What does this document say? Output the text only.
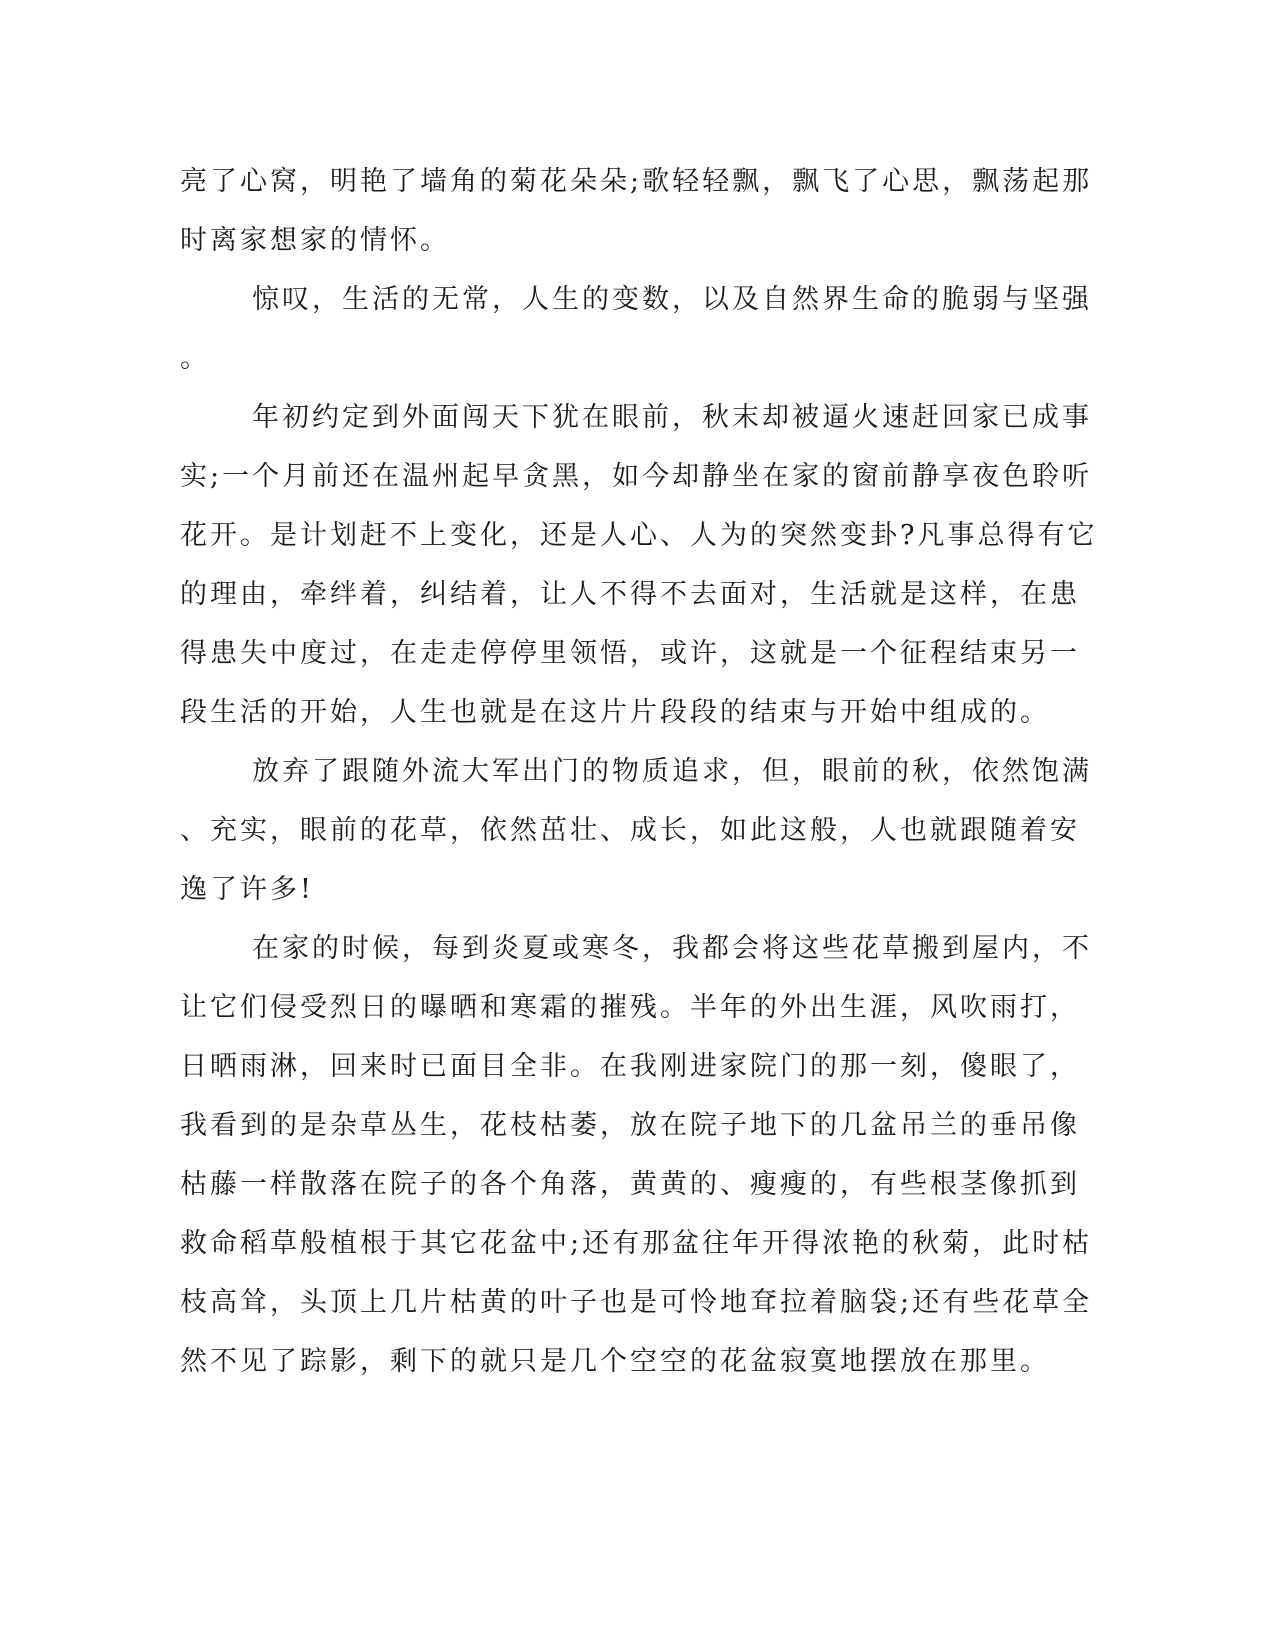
亮了心窝，明艳了墙角的菊花朵朵;歌轻轻飘，飘飞了心思，飘荡起那
时离家想家的情怀。
惊叹，生活的无常，人生的变数，以及自然界生命的脆弱与坚强
。
年初约定到外面闯天下犹在眼前，秋末却被逼火速赶回家已成事
实;一个月前还在温州起早贪黑，如今却静坐在家的窗前静享夜色聆听
花开。是计划赶不上变化，还是人心、人为的突然变卦?凡事总得有它
的理由，牵绊着，纠结着，让人不得不去面对，生活就是这样，在患
得患失中度过，在走走停停里领悟，或许，这就是一个征程结束另一
段生活的开始，人生也就是在这片片段段的结束与开始中组成的。
放弃了跟随外流大军出门的物质追求，但，眼前的秋，依然饱满
、充实，眼前的花草，依然茁壮、成长，如此这般，人也就跟随着安
逸了许多!
在家的时候，每到炎夏或寒冬，我都会将这些花草搬到屋内，不
让它们侵受烈日的曝晒和寒霜的摧残。半年的外出生涯，风吹雨打，
日晒雨淋，回来时已面目全非。在我刚进家院门的那一刻，傻眼了，
我看到的是杂草丛生，花枝枯萎，放在院子地下的几盆吊兰的垂吊像
枯藤一样散落在院子的各个角落，黄黄的、瘦瘦的，有些根茎像抓到
救命稻草般植根于其它花盆中;还有那盆往年开得浓艳的秋菊，此时枯
枝高耸，头顶上几片枯黄的叶子也是可怜地耷拉着脑袋;还有些花草全
然不见了踪影，剩下的就只是几个空空的花盆寂寞地摆放在那里。
